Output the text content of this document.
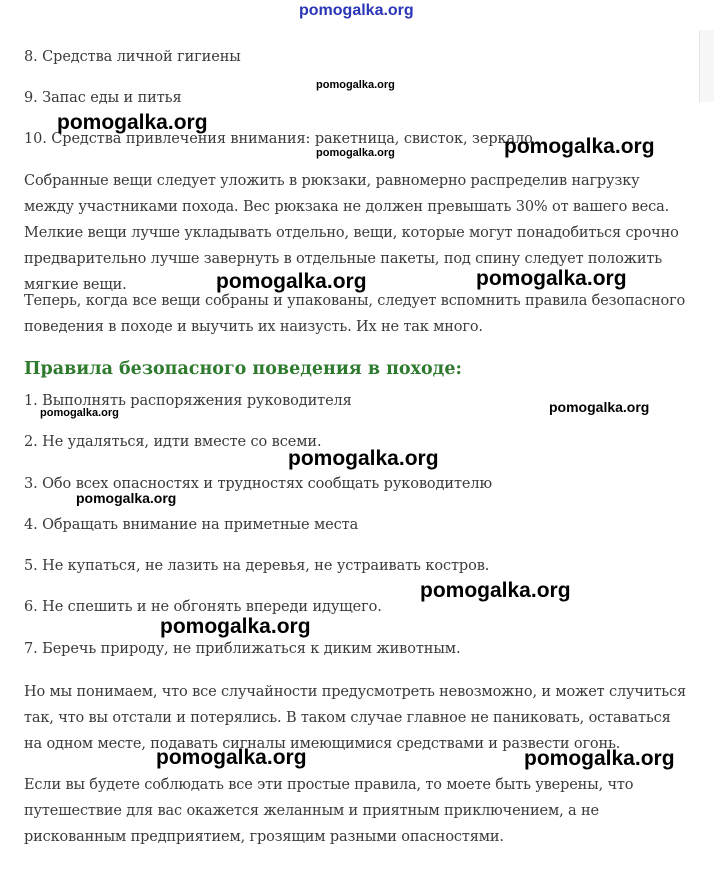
8. Средства личной гигиены
9. Запас еды и питья
10. Средства привлечения внимания: ракетница, свисток, зеркало
Собранные вещи следует уложить в рюкзаки, равномерно распределив нагрузку между участниками похода. Вес рюкзака не должен превышать 30% от вашего веса. Мелкие вещи лучше укладывать отдельно, вещи, которые могут понадобиться срочно предварительно лучше завернуть в отдельные пакеты, под спину следует положить мягкие вещи.
Теперь, когда все вещи собраны и упакованы, следует вспомнить правила безопасного поведения в походе и выучить их наизусть. Их не так много.
Правила безопасного поведения в походе:
1. Выполнять распоряжения руководителя
2. Не удаляться, идти вместе со всеми.
3. Обо всех опасностях и трудностях сообщать руководителю
4. Обращать внимание на приметные места
5. Не купаться, не лазить на деревья, не устраивать костров.
6. Не спешить и не обгонять впереди идущего.
7. Беречь природу, не приближаться к диким животным.
Но мы понимаем, что все случайности предусмотреть невозможно, и может случиться так, что вы отстали и потерялись. В таком случае главное не паниковать, оставаться на одном месте, подавать сигналы имеющимися средствами и развести огонь.
Если вы будете соблюдать все эти простые правила, то моете быть уверены, что путешествие для вас окажется желанным и приятным приключением, а не рискованным предприятием, грозящим разными опасностями.
pomogalka.org
pomogalka.org
pomogalka.org
pomogalka.org
pomogalka.org
pomogalka.org	pomogalka.org
pomogalka.org
pomogalka.org
pomogalka.org
pomogalka.org
pomogalka.org
pomogalka.org
pomogalka.org	pomogalka.org
